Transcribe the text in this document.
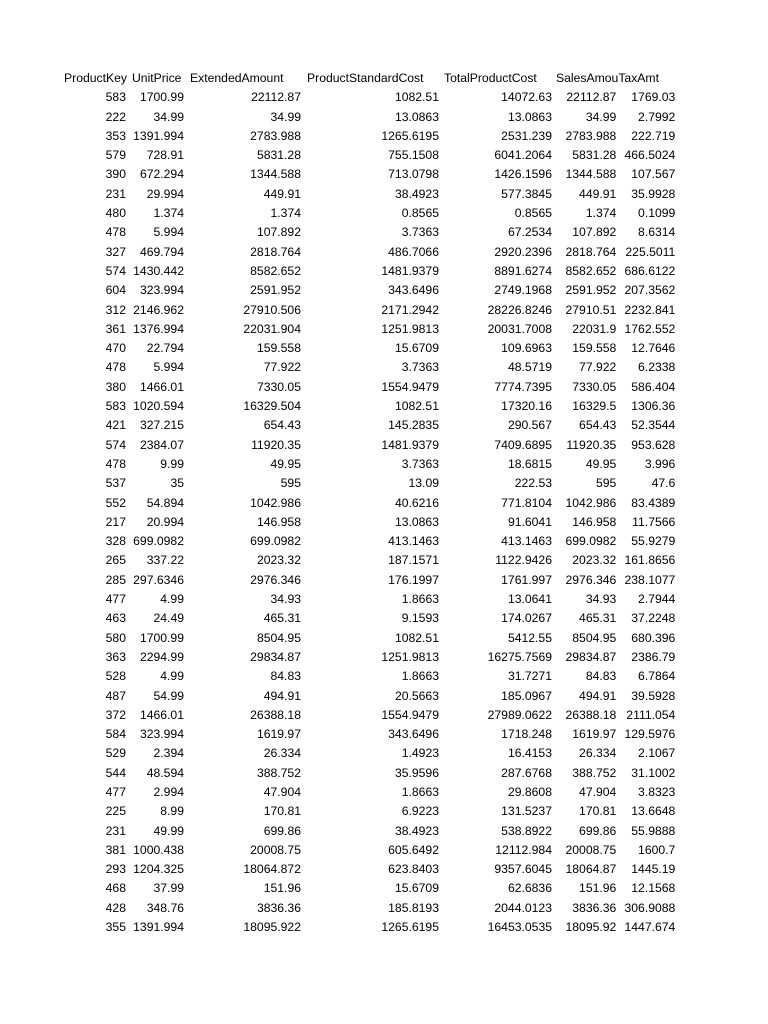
ProductKey	UnitPrice	ExtendedAmount	ProductStandardCost	TotalProductCost	SalesAmou	TaxAmt
583	1700.99	22112.87	1082.51	14072.63	22112.87	1769.03
222	34.99	34.99	13.0863	13.0863	34.99	2.7992
353	1391.994	2783.988	1265.6195	2531.239	2783.988	222.719
579	728.91	5831.28	755.1508	6041.2064	5831.28	466.5024
390	672.294	1344.588	713.0798	1426.1596	1344.588	107.567
231	29.994	449.91	38.4923	577.3845	449.91	35.9928
480	1.374	1.374	0.8565	0.8565	1.374	0.1099
478	5.994	107.892	3.7363	67.2534	107.892	8.6314
327	469.794	2818.764	486.7066	2920.2396	2818.764	225.5011
574	1430.442	8582.652	1481.9379	8891.6274	8582.652	686.6122
604	323.994	2591.952	343.6496	2749.1968	2591.952	207.3562
312	2146.962	27910.506	2171.2942	28226.8246	27910.51	2232.841
361	1376.994	22031.904	1251.9813	20031.7008	22031.9	1762.552
470	22.794	159.558	15.6709	109.6963	159.558	12.7646
478	5.994	77.922	3.7363	48.5719	77.922	6.2338
380	1466.01	7330.05	1554.9479	7774.7395	7330.05	586.404
583	1020.594	16329.504	1082.51	17320.16	16329.5	1306.36
421	327.215	654.43	145.2835	290.567	654.43	52.3544
574	2384.07	11920.35	1481.9379	7409.6895	11920.35	953.628
478	9.99	49.95	3.7363	18.6815	49.95	3.996
537	35	595	13.09	222.53	595	47.6
552	54.894	1042.986	40.6216	771.8104	1042.986	83.4389
217	20.994	146.958	13.0863	91.6041	146.958	11.7566
328	699.0982	699.0982	413.1463	413.1463	699.0982	55.9279
265	337.22	2023.32	187.1571	1122.9426	2023.32	161.8656
285	297.6346	2976.346	176.1997	1761.997	2976.346	238.1077
477	4.99	34.93	1.8663	13.0641	34.93	2.7944
463	24.49	465.31	9.1593	174.0267	465.31	37.2248
580	1700.99	8504.95	1082.51	5412.55	8504.95	680.396
363	2294.99	29834.87	1251.9813	16275.7569	29834.87	2386.79
528	4.99	84.83	1.8663	31.7271	84.83	6.7864
487	54.99	494.91	20.5663	185.0967	494.91	39.5928
372	1466.01	26388.18	1554.9479	27989.0622	26388.18	2111.054
584	323.994	1619.97	343.6496	1718.248	1619.97	129.5976
529	2.394	26.334	1.4923	16.4153	26.334	2.1067
544	48.594	388.752	35.9596	287.6768	388.752	31.1002
477	2.994	47.904	1.8663	29.8608	47.904	3.8323
225	8.99	170.81	6.9223	131.5237	170.81	13.6648
231	49.99	699.86	38.4923	538.8922	699.86	55.9888
381	1000.438	20008.75	605.6492	12112.984	20008.75	1600.7
293	1204.325	18064.872	623.8403	9357.6045	18064.87	1445.19
468	37.99	151.96	15.6709	62.6836	151.96	12.1568
428	348.76	3836.36	185.8193	2044.0123	3836.36	306.9088
355	1391.994	18095.922	1265.6195	16453.0535	18095.92	1447.674
